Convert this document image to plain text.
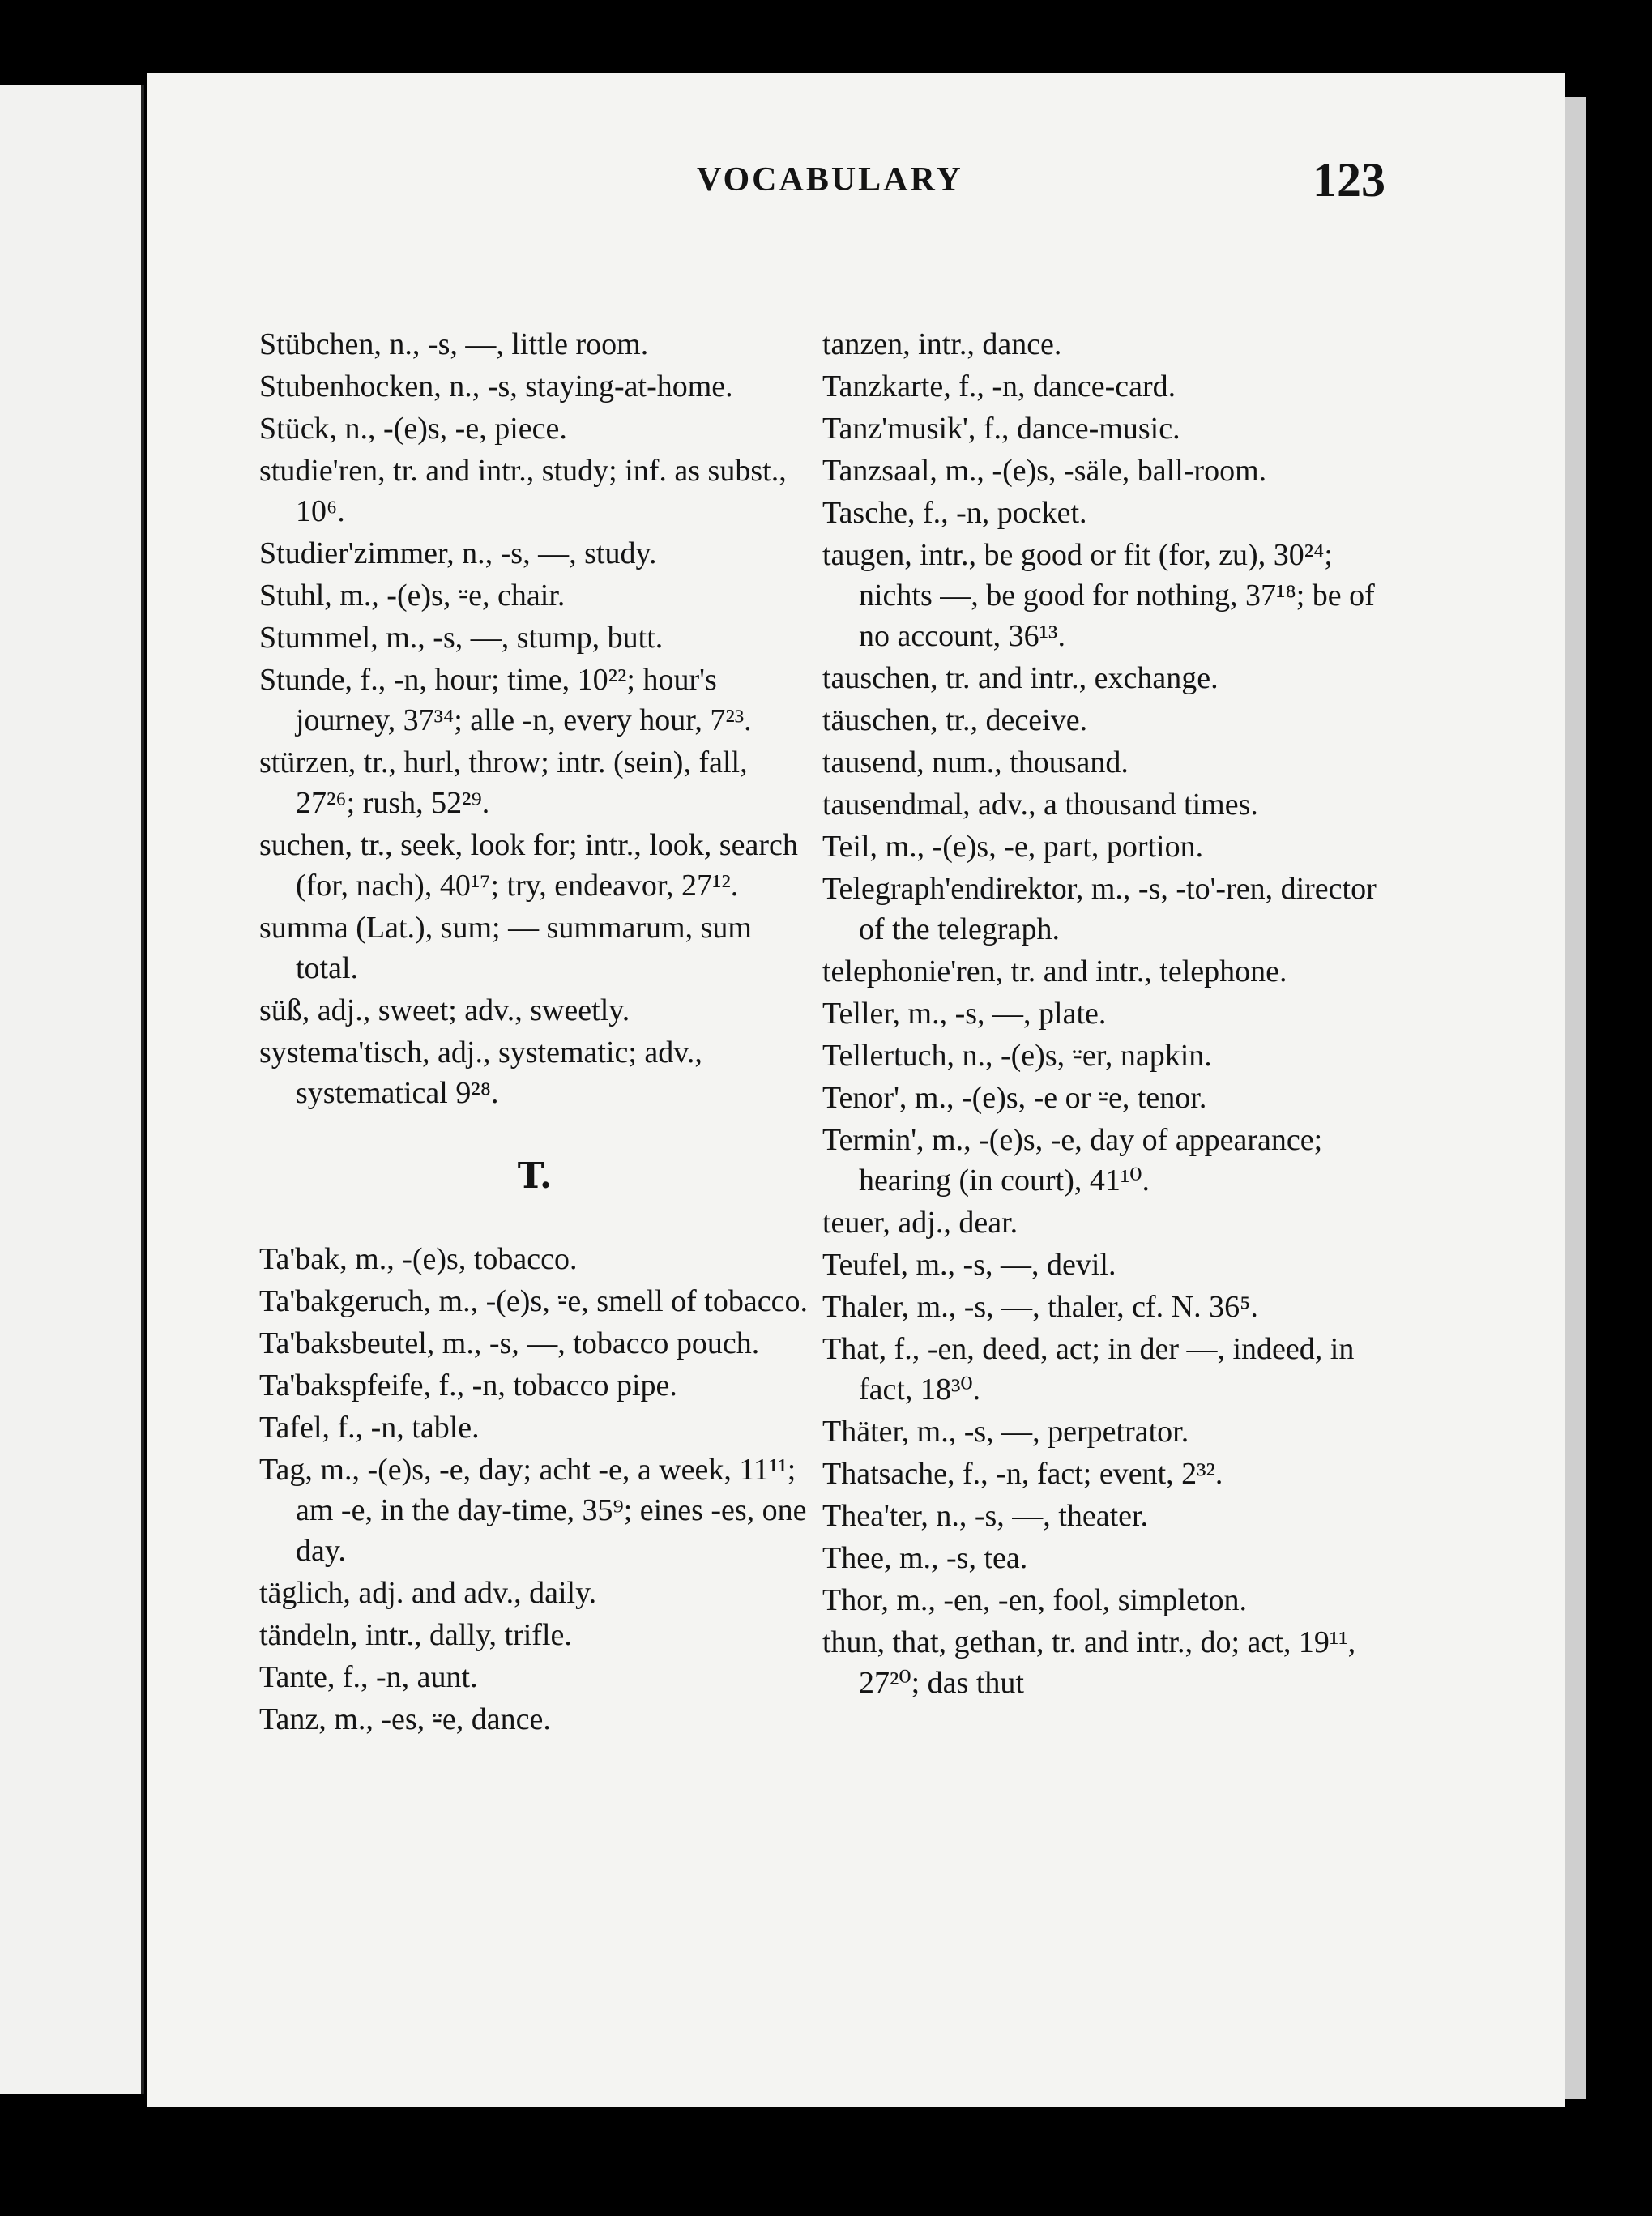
VOCABULARY	123
Stübchen, n., -s, —, little room.
Stubenhocken, n., -s, staying-at-home.
Stück, n., -(e)s, -e, piece.
studie'ren, tr. and intr., study; inf. as subst., 10⁶.
Studier'zimmer, n., -s, —, study.
Stuhl, m., -(e)s, ⸚e, chair.
Stummel, m., -s, —, stump, butt.
Stunde, f., -n, hour; time, 10²²; hour's journey, 37³⁴; alle -n, every hour, 7²³.
stürzen, tr., hurl, throw; intr. (sein), fall, 27²⁶; rush, 52²⁹.
suchen, tr., seek, look for; intr., look, search (for, nach), 40¹⁷; try, endeavor, 27¹².
summa (Lat.), sum; — summarum, sum total.
süß, adj., sweet; adv., sweetly.
systema'tisch, adj., systematic; adv., systematical 9²⁸.
T.
Ta'bak, m., -(e)s, tobacco.
Ta'bakgeruch, m., -(e)s, ⸚e, smell of tobacco.
Ta'baksbeutel, m., -s, —, tobacco pouch.
Ta'bakspfeife, f., -n, tobacco pipe.
Tafel, f., -n, table.
Tag, m., -(e)s, -e, day; acht -e, a week, 11¹¹; am -e, in the day-time, 35⁹; eines -es, one day.
täglich, adj. and adv., daily.
tändeln, intr., dally, trifle.
Tante, f., -n, aunt.
Tanz, m., -es, ⸚e, dance.
tanzen, intr., dance.
Tanzkarte, f., -n, dance-card.
Tanz'musik', f., dance-music.
Tanzsaal, m., -(e)s, -säle, ball-room.
Tasche, f., -n, pocket.
taugen, intr., be good or fit (for, zu), 30²⁴; nichts —, be good for nothing, 37¹⁸; be of no account, 36¹³.
tauschen, tr. and intr., exchange.
täuschen, tr., deceive.
tausend, num., thousand.
tausendmal, adv., a thousand times.
Teil, m., -(e)s, -e, part, portion.
Telegraph'endirektor, m., -s, -to'-ren, director of the telegraph.
telephonie'ren, tr. and intr., telephone.
Teller, m., -s, —, plate.
Tellertuch, n., -(e)s, ⸚er, napkin.
Tenor', m., -(e)s, -e or ⸚e, tenor.
Termin', m., -(e)s, -e, day of appearance; hearing (in court), 41¹⁰.
teuer, adj., dear.
Teufel, m., -s, —, devil.
Thaler, m., -s, —, thaler, cf. N. 36⁵.
That, f., -en, deed, act; in der —, indeed, in fact, 18³⁰.
Thäter, m., -s, —, perpetrator.
Thatsache, f., -n, fact; event, 2³².
Thea'ter, n., -s, —, theater.
Thee, m., -s, tea.
Thor, m., -en, -en, fool, simpleton.
thun, that, gethan, tr. and intr., do; act, 19¹¹, 27²⁰; das thut
